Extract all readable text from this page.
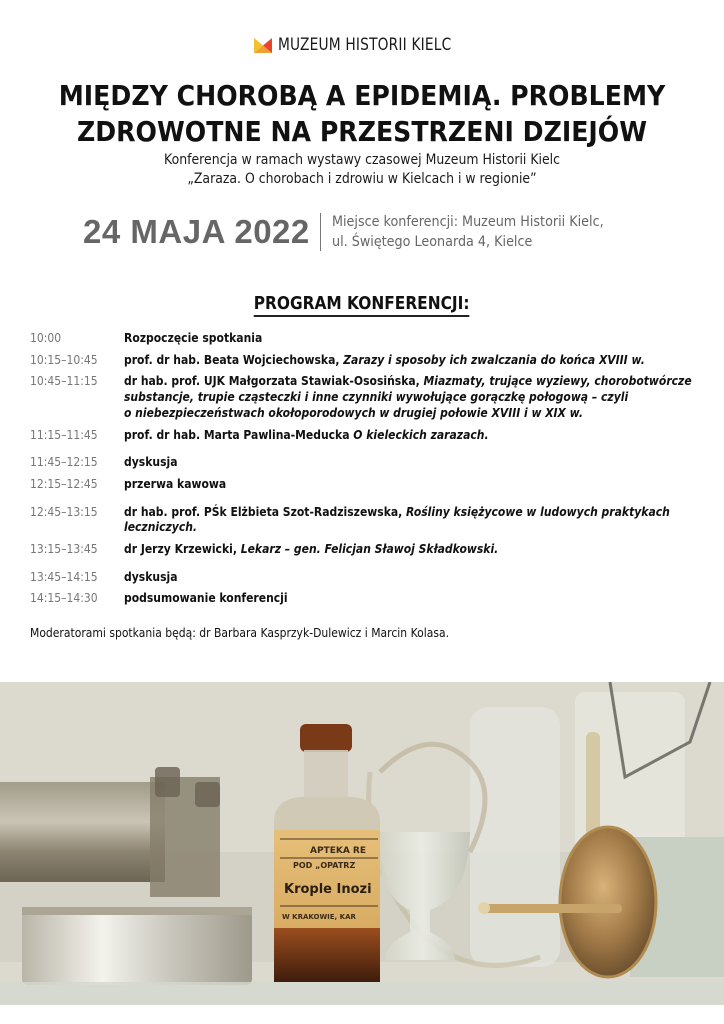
MUZEUM HISTORII KIELC
MIĘDZY CHOROBĄ A EPIDEMIĄ. PROBLEMY
ZDROWOTNE NA PRZESTRZENI DZIEJÓW
Konferencja w ramach wystawy czasowej Muzeum Historii Kielc
„Zaraza. O chorobach i zdrowiu w Kielcach i w regionie”
24 MAJA 2022 Miejsce konferencji: Muzeum Historii Kielc,
ul. Świętego Leonarda 4, Kielce
PROGRAM KONFERENCJI:
10:00	Rozpoczęcie spotkania
10:15–10:45	prof. dr hab. Beata Wojciechowska, Zarazy i sposoby ich zwalczania do końca XVIII w.
10:45–11:15	dr hab. prof. UJK Małgorzata Stawiak-Ososińska, Miazmaty, trujące wyziewy, chorobotwórcze
substancje, trupie cząsteczki i inne czynniki wywołujące gorączkę połogową – czyli
o niebezpieczeństwach okołoporodowych w drugiej połowie XVIII i w XIX w.
11:15–11:45	prof. dr hab. Marta Pawlina-Meducka O kieleckich zarazach.
11:45–12:15	dyskusja
12:15–12:45	przerwa kawowa
12:45–13:15	dr hab. prof. PŚk Elżbieta Szot-Radziszewska, Rośliny księżycowe w ludowych praktykach
leczniczych.
13:15–13:45	dr Jerzy Krzewicki, Lekarz – gen. Felicjan Sławoj Składkowski.
13:45–14:15	dyskusja
14:15–14:30	podsumowanie konferencji
Moderatorami spotkania będą: dr Barbara Kasprzyk-Dulewicz i Marcin Kolasa.
APTEKA RE
POD „OPATRZ
Krople Inozi
W KRAKOWIE, KAR
